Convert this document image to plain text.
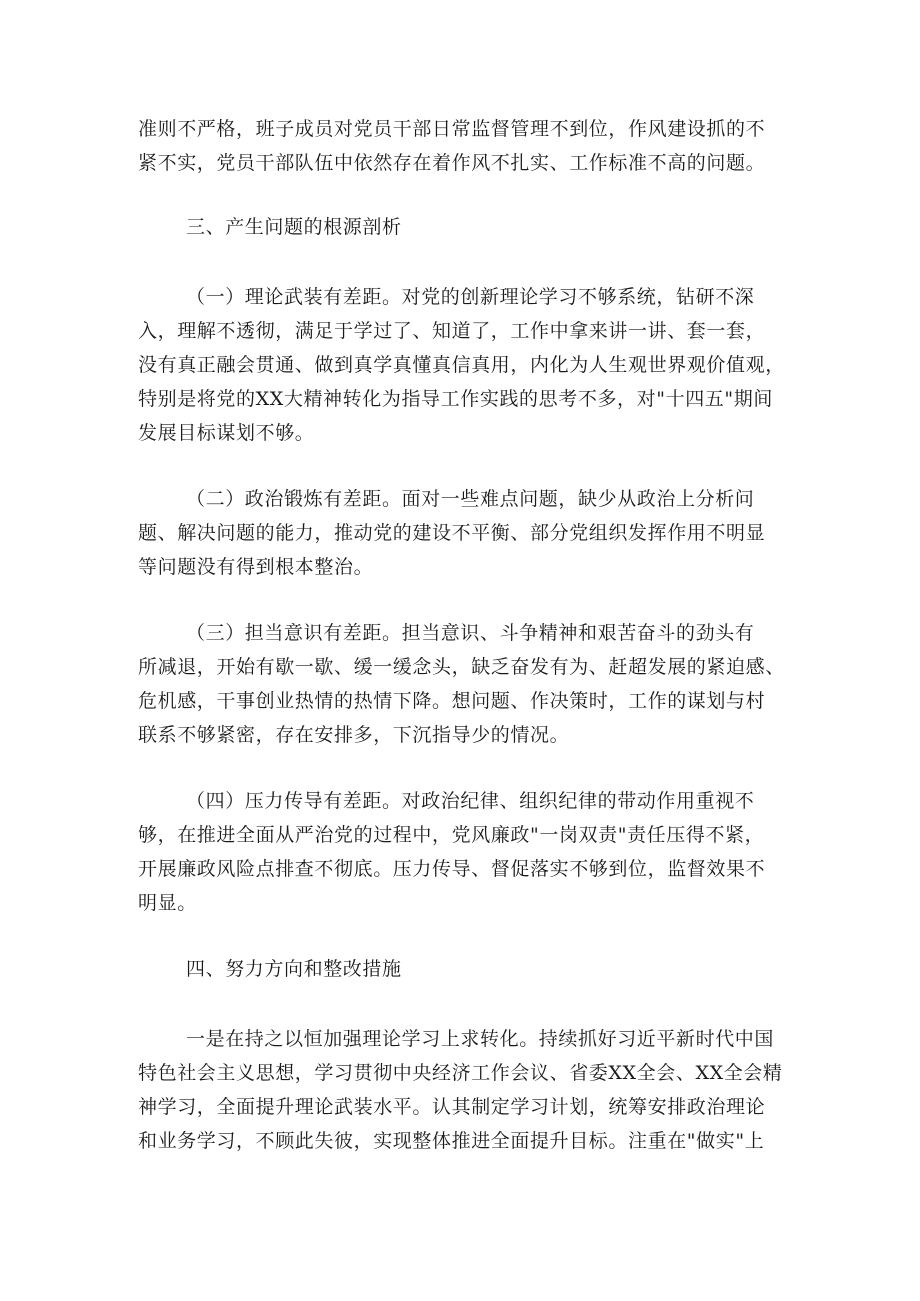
准则不严格，班子成员对党员干部日常监督管理不到位，作风建设抓的不
紧不实，党员干部队伍中依然存在着作风不扎实、工作标准不高的问题。
三、产生问题的根源剖析
（一）理论武装有差距。对党的创新理论学习不够系统，钻研不深
入，理解不透彻，满足于学过了、知道了，工作中拿来讲一讲、套一套，
没有真正融会贯通、做到真学真懂真信真用，内化为人生观世界观价值观，
特别是将党的XX大精神转化为指导工作实践的思考不多，对"十四五"期间
发展目标谋划不够。
（二）政治锻炼有差距。面对一些难点问题，缺少从政治上分析问
题、解决问题的能力，推动党的建设不平衡、部分党组织发挥作用不明显
等问题没有得到根本整治。
（三）担当意识有差距。担当意识、斗争精神和艰苦奋斗的劲头有
所减退，开始有歇一歇、缓一缓念头，缺乏奋发有为、赶超发展的紧迫感、
危机感，干事创业热情的热情下降。想问题、作决策时，工作的谋划与村
联系不够紧密，存在安排多，下沉指导少的情况。
（四）压力传导有差距。对政治纪律、组织纪律的带动作用重视不
够，在推进全面从严治党的过程中，党风廉政"一岗双责"责任压得不紧，
开展廉政风险点排查不彻底。压力传导、督促落实不够到位，监督效果不
明显。
四、努力方向和整改措施
一是在持之以恒加强理论学习上求转化。持续抓好习近平新时代中国
特色社会主义思想，学习贯彻中央经济工作会议、省委XX全会、XX全会精
神学习，全面提升理论武装水平。认其制定学习计划，统筹安排政治理论
和业务学习，不顾此失彼，实现整体推进全面提升目标。注重在"做实"上
